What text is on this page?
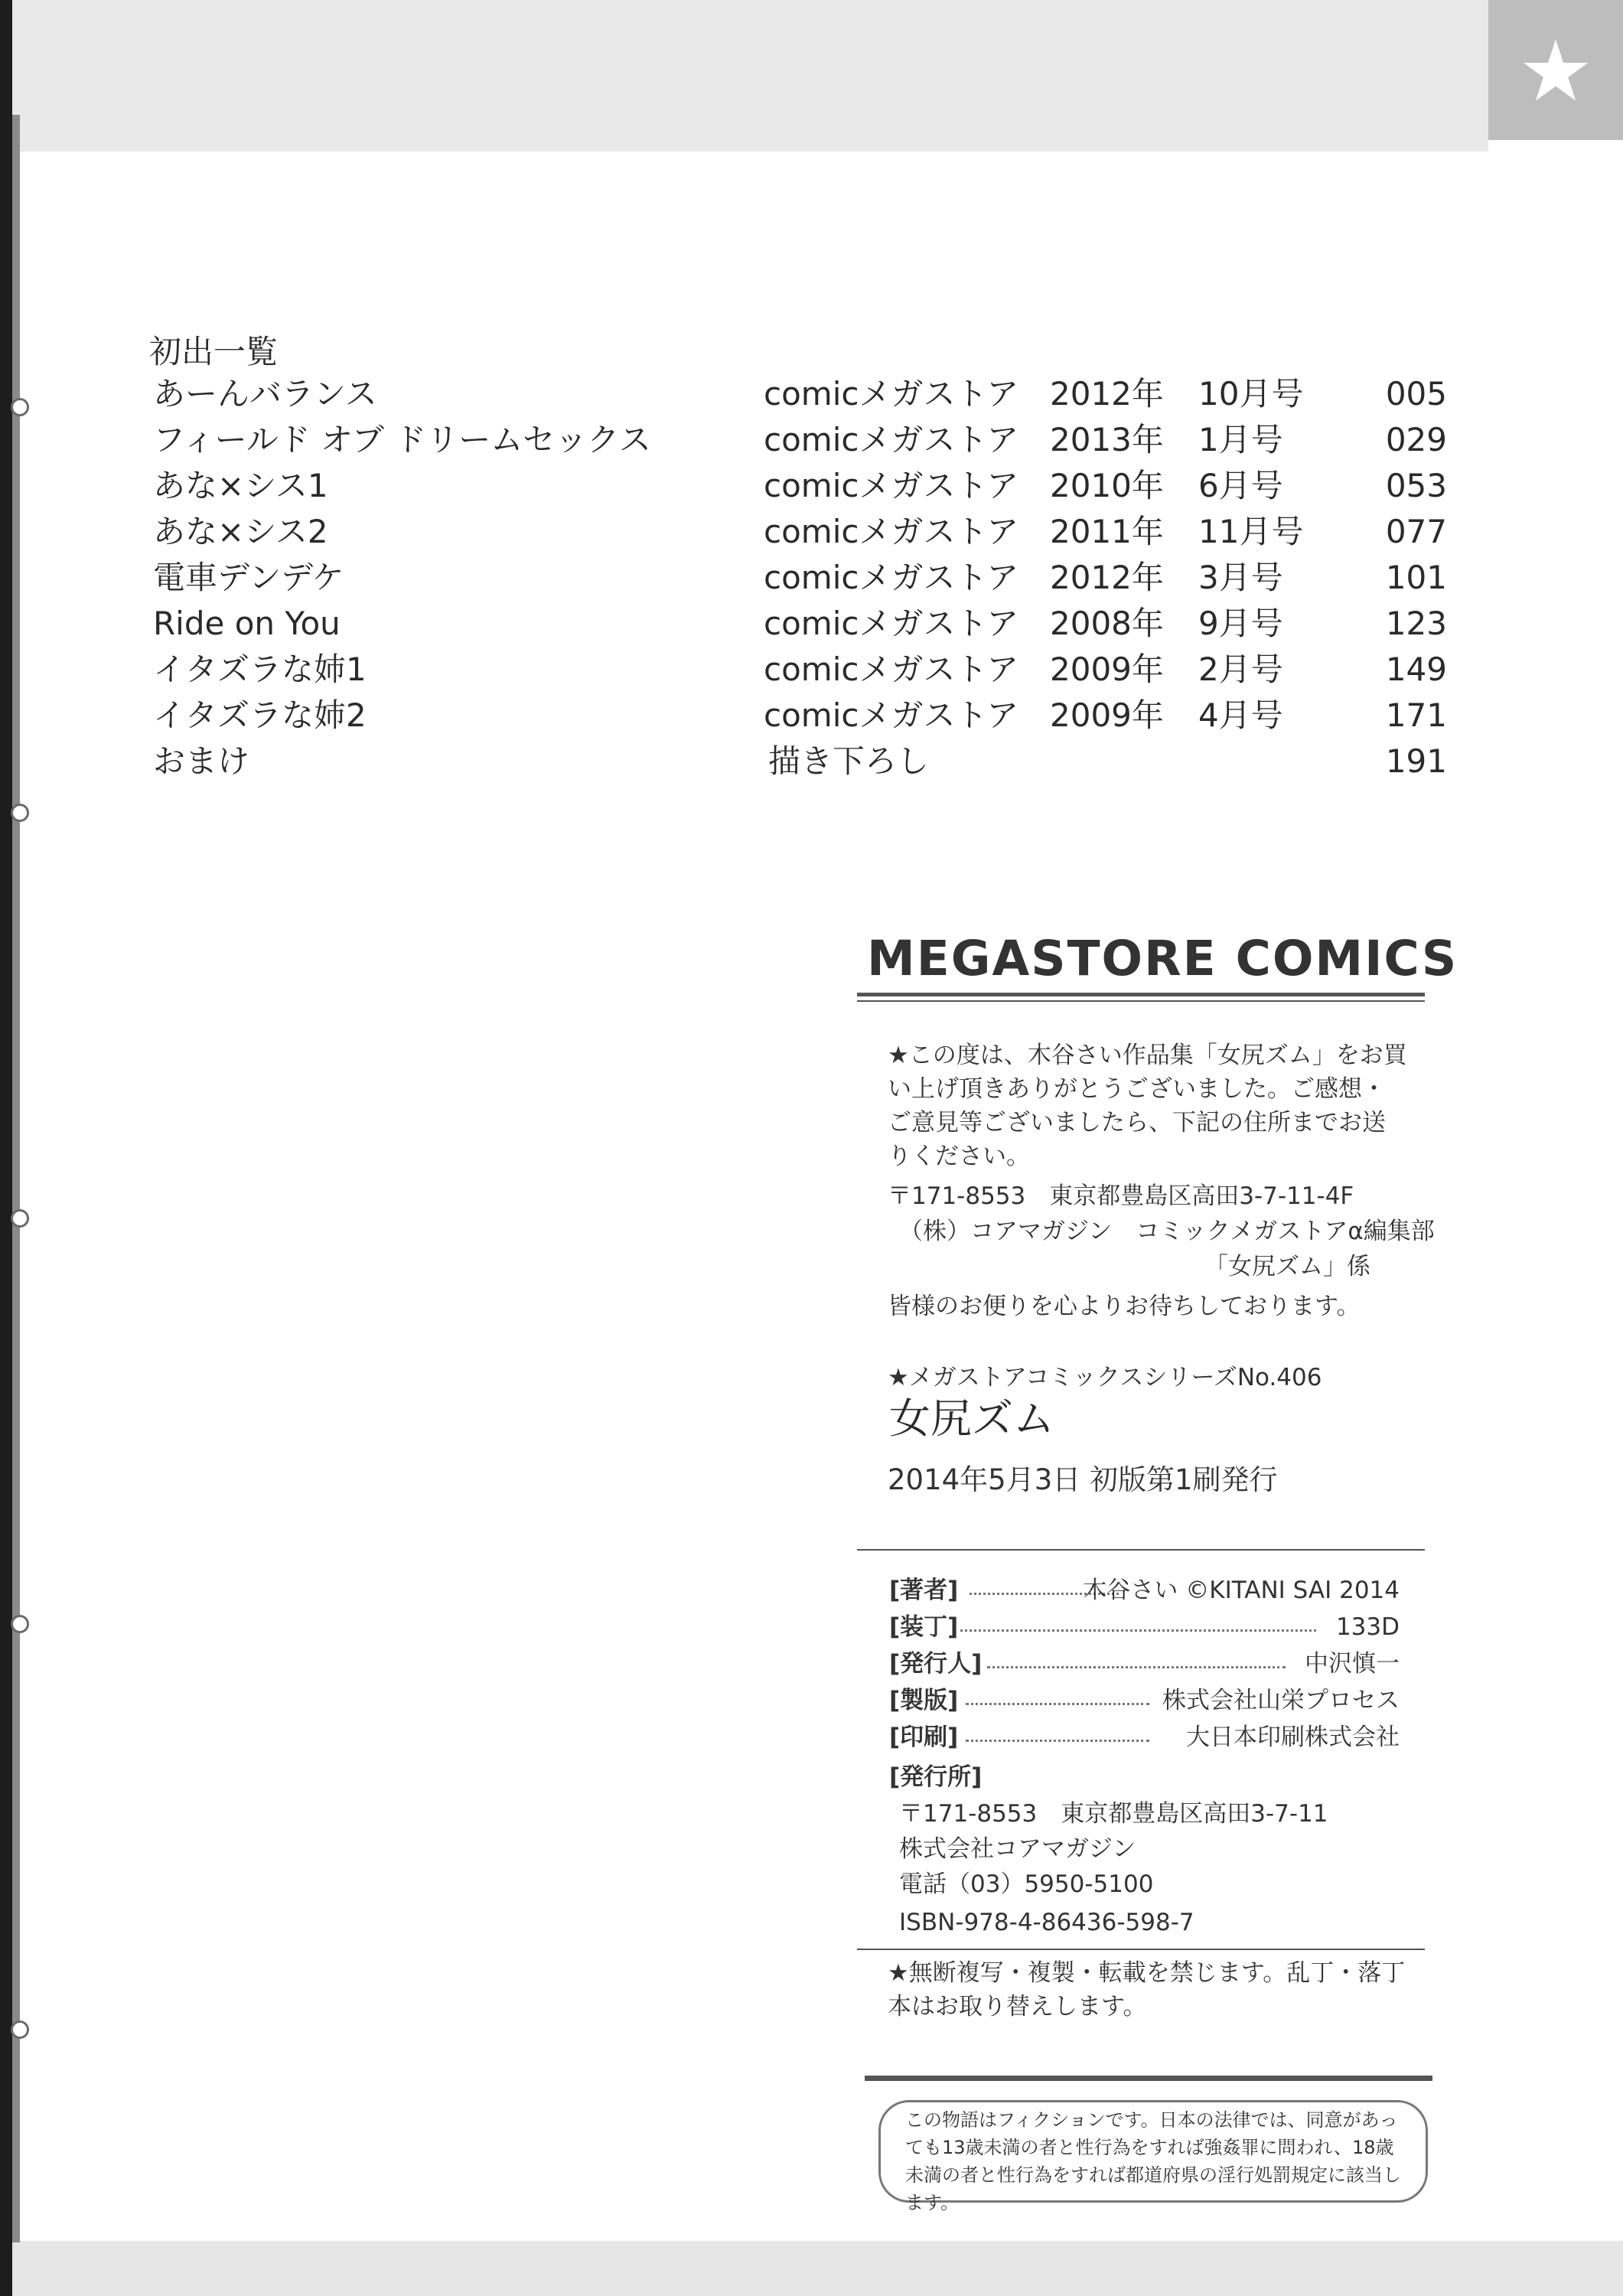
★
初出一覧
あーんバランス	comicメガストア 2012年 10月号	005
フィールド オブ ドリームセックス	comicメガストア 2013年 1月号	029
あな×シス1	comicメガストア 2010年 6月号	053
あな×シス2	comicメガストア 2011年 11月号	077
電車デンデケ	comicメガストア 2012年 3月号	101
Ride on You	comicメガストア 2008年 9月号	123
イタズラな姉1	comicメガストア 2009年 2月号	149
イタズラな姉2	comicメガストア 2009年 4月号	171
おまけ	描き下ろし	191
MEGASTORE COMICS
★この度は、木谷さい作品集「女尻ズム」をお買い上げ頂きありがとうございました。ご感想・ご意見等ございましたら、下記の住所までお送りください。
〒171-8553　東京都豊島区高田3-7-11-4F
（株）コアマガジン　コミックメガストアα編集部
「女尻ズム」係
皆様のお便りを心よりお待ちしております。
★メガストアコミックスシリーズNo.406
女尻ズム
2014年5月3日 初版第1刷発行
[著者]	木谷さい ©KITANI SAI 2014
[装丁]	133D
[発行人]	中沢慎一
[製版]	株式会社山栄プロセス
[印刷]	大日本印刷株式会社
[発行所]
〒171-8553　東京都豊島区高田3-7-11
株式会社コアマガジン
電話（03）5950-5100
ISBN-978-4-86436-598-7
★無断複写・複製・転載を禁じます。乱丁・落丁本はお取り替えします。
この物語はフィクションです。日本の法律では、同意があっても13歳未満の者と性行為をすれば強姦罪に問われ、18歳未満の者と性行為をすれば都道府県の淫行処罰規定に該当します。
